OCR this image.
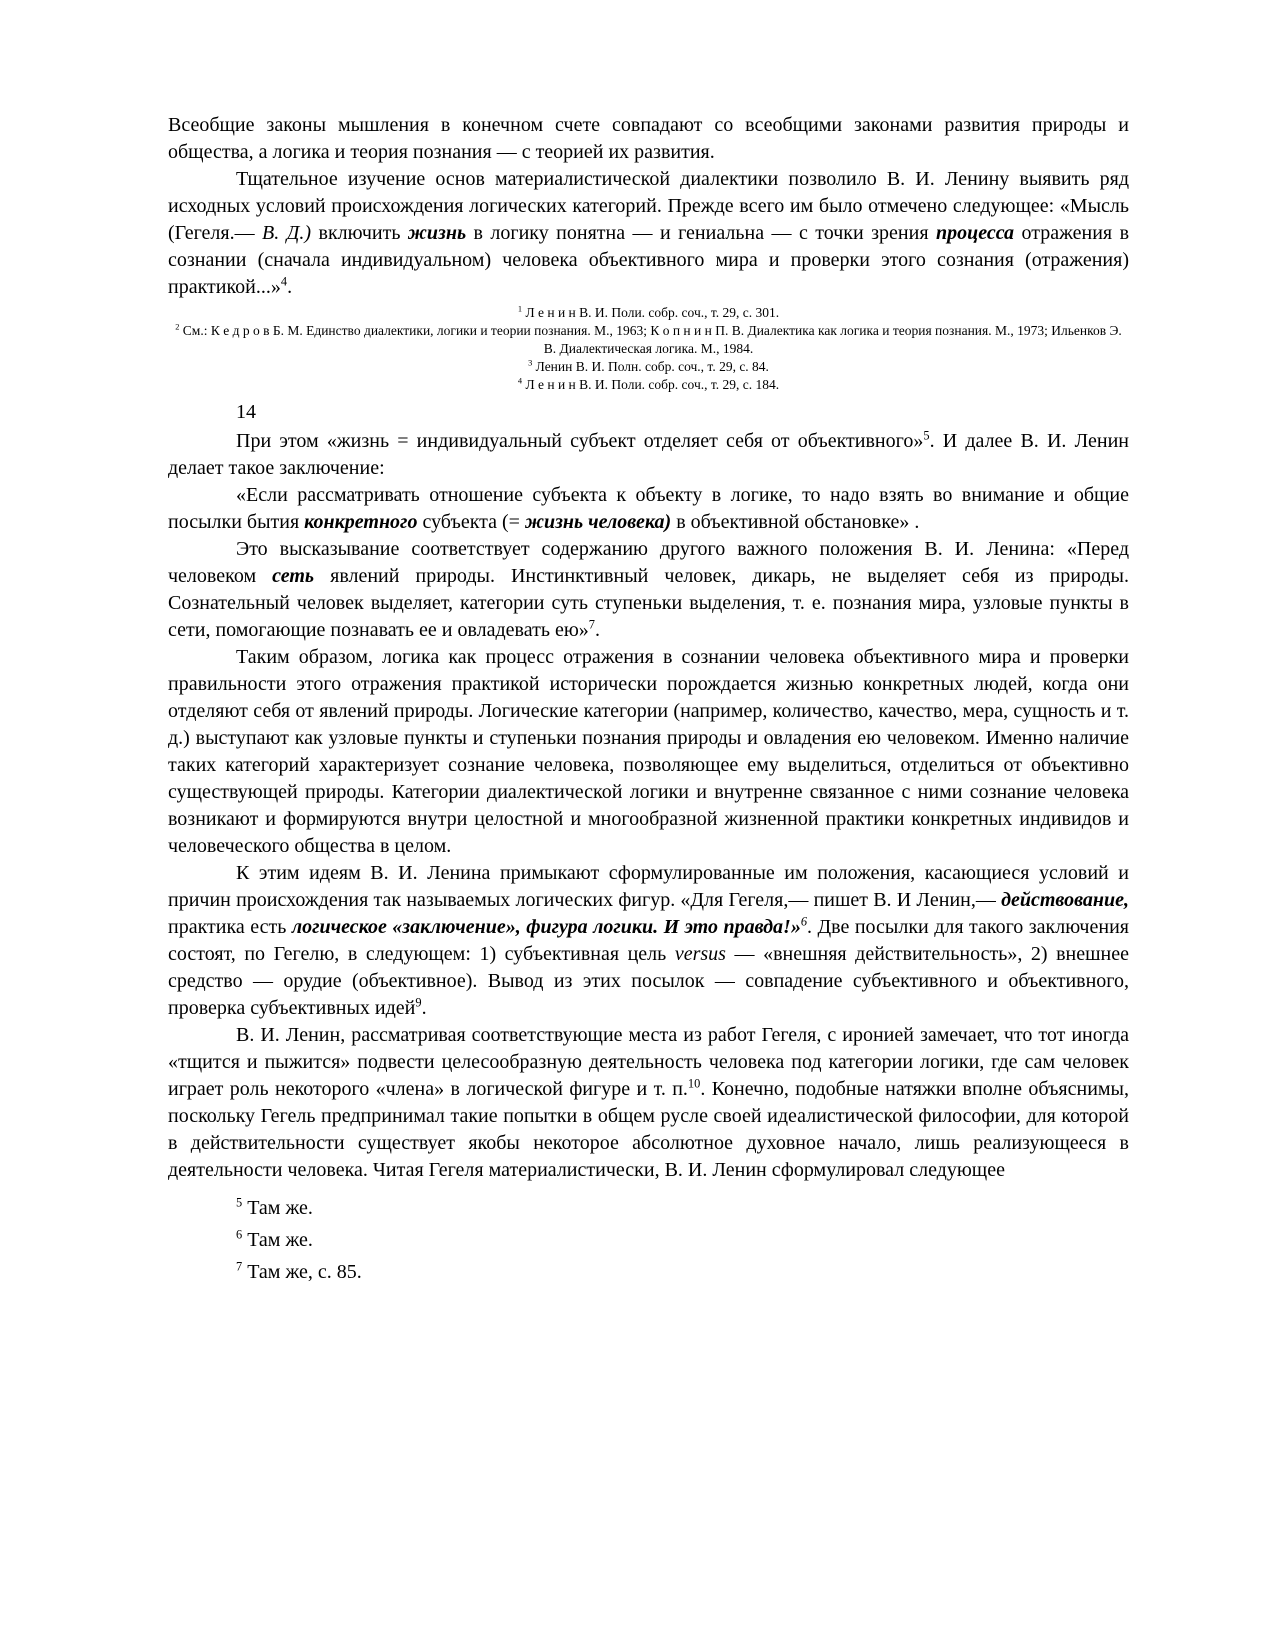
Всеобщие законы мышления в конечном счете совпадают со всеобщими законами развития природы и общества, а логика и теория познания — с теорией их развития.

Тщательное изучение основ материалистической диалектики позволило В. И. Ленину выявить ряд исходных условий происхождения логических категорий. Прежде всего им было отмечено следующее: «Мысль (Гегеля.— В. Д.) включить жизнь в логику понятна — и гениальна — с точки зрения процесса отражения в сознании (сначала индивидуальном) человека объективного мира и проверки этого сознания (отражения) практикой...»$^4$.

$^1$ Л е н и н В. И. Поли. собр. соч., т. 29, с. 301.
$^2$ См.: К е д р о в Б. М. Единство диалектики, логики и теории познания. М., 1963; К о п н и н П. В. Диалектика как логика и теория познания. М., 1973; Ильенков Э. В. Диалектическая логика. М., 1984.
$^3$ Ленин В. И. Полн. собр. соч., т. 29, с. 84.
$^4$ Л е н и н В. И. Поли. собр. соч., т. 29, с. 184.

14

При этом «жизнь = индивидуальный субъект отделяет себя от объективного»$^5$. И далее В. И. Ленин делает такое заключение:

«Если рассматривать отношение субъекта к объекту в логике, то надо взять во внимание и общие посылки бытия конкретного субъекта (= жизнь человека) в объективной обстановке» .

Это высказывание соответствует содержанию другого важного положения В. И. Ленина: «Перед человеком сеть явлений природы. Инстинктивный человек, дикарь, не выделяет себя из природы. Сознательный человек выделяет, категории суть ступеньки выделения, т. е. познания мира, узловые пункты в сети, помогающие познавать ее и овладевать ею»$^7$.

Таким образом, логика как процесс отражения в сознании человека объективного мира и проверки правильности этого отражения практикой исторически порождается жизнью конкретных людей, когда они отделяют себя от явлений природы. Логические категории (например, количество, качество, мера, сущность и т. д.) выступают как узловые пункты и ступеньки познания природы и овладения ею человеком. Именно наличие таких категорий характеризует сознание человека, позволяющее ему выделиться, отделиться от объективно существующей природы. Категории диалектической логики и внутренне связанное с ними сознание человека возникают и формируются внутри целостной и многообразной жизненной практики конкретных индивидов и человеческого общества в целом.

К этим идеям В. И. Ленина примыкают сформулированные им положения, касающиеся условий и причин происхождения так называемых логических фигур. «Для Гегеля,— пишет В. И Ленин,— действование, практика есть логическое «заключение», фигура логики. И это правда!»$^6$. Две посылки для такого заключения состоят, по Гегелю, в следующем: 1) субъективная цель versus — «внешняя действительность», 2) внешнее средство — орудие (объективное). Вывод из этих посылок — совпадение субъективного и объективного, проверка субъективных идей$^9$.

В. И. Ленин, рассматривая соответствующие места из работ Гегеля, с иронией замечает, что тот иногда «тщится и пыжится» подвести целесообразную деятельность человека под категории логики, где сам человек играет роль некоторого «члена» в логической фигуре и т. п.$^{10}$. Конечно, подобные натяжки вполне объяснимы, поскольку Гегель предпринимал такие попытки в общем русле своей идеалистической философии, для которой в действительности существует якобы некоторое абсолютное духовное начало, лишь реализующееся в деятельности человека. Читая Гегеля материалистически, В. И. Ленин сформулировал следующее

$^5$ Там же.

$^6$ Там же.

$^7$ Там же, с. 85.
